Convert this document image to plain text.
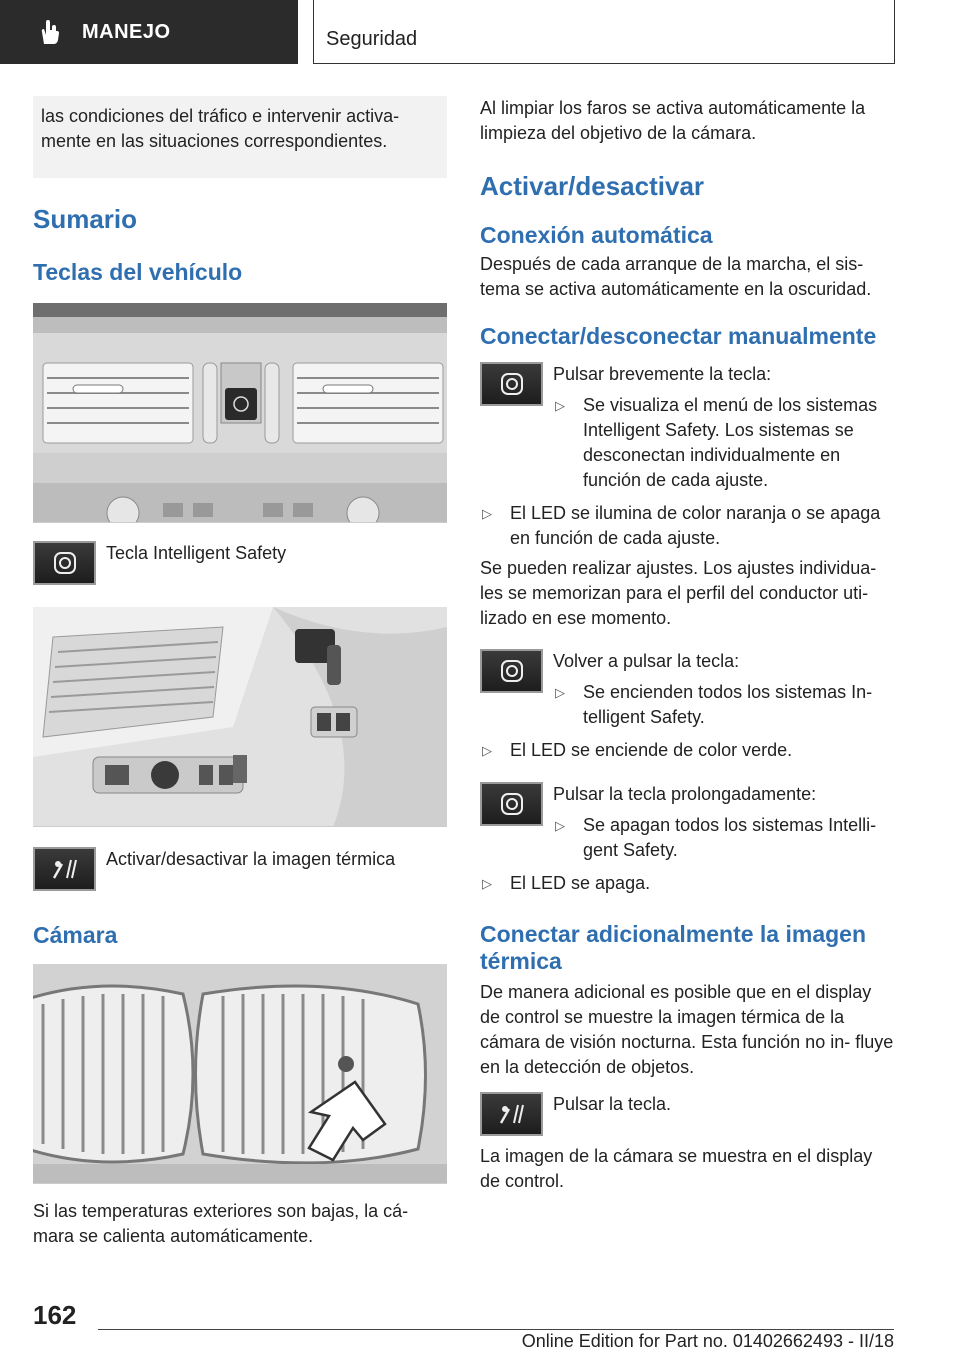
MANEJO	Seguridad

las condiciones del tráfico e intervenir activa‐ mente en las situaciones correspondientes.

Sumario
Teclas del vehículo
Tecla Intelligent Safety
Activar/desactivar la imagen térmica
Cámara

Si las temperaturas exteriores son bajas, la cá‐ mara se calienta automáticamente.

Al limpiar los faros se activa automáticamente la limpieza del objetivo de la cámara.

Activar/desactivar
Conexión automática

Después de cada arranque de la marcha, el sis‐ tema se activa automáticamente en la oscuridad.

Conectar/desconectar manualmente

Pulsar brevemente la tecla:

▷ Se visualiza el menú de los sistemas Intelligent Safety. Los sistemas se desconectan individualmente en función de cada ajuste.
▷ El LED se ilumina de color naranja o se apaga en función de cada ajuste.

Se pueden realizar ajustes. Los ajustes individua‐ les se memorizan para el perfil del conductor uti‐ lizado en ese momento.

Volver a pulsar la tecla:

▷ Se encienden todos los sistemas In‐ telligent Safety.
▷ El LED se enciende de color verde.

Pulsar la tecla prolongadamente:

▷ Se apagan todos los sistemas Intelli‐ gent Safety.
▷ El LED se apaga.
Conectar adicionalmente la imagen térmica

De manera adicional es posible que en el display de control se muestre la imagen térmica de la cámara de visión nocturna. Esta función no in‐ fluye en la detección de objetos.

Pulsar la tecla.

La imagen de la cámara se muestra en el display de control.

162
Online Edition for Part no. 01402662493 - II/18
